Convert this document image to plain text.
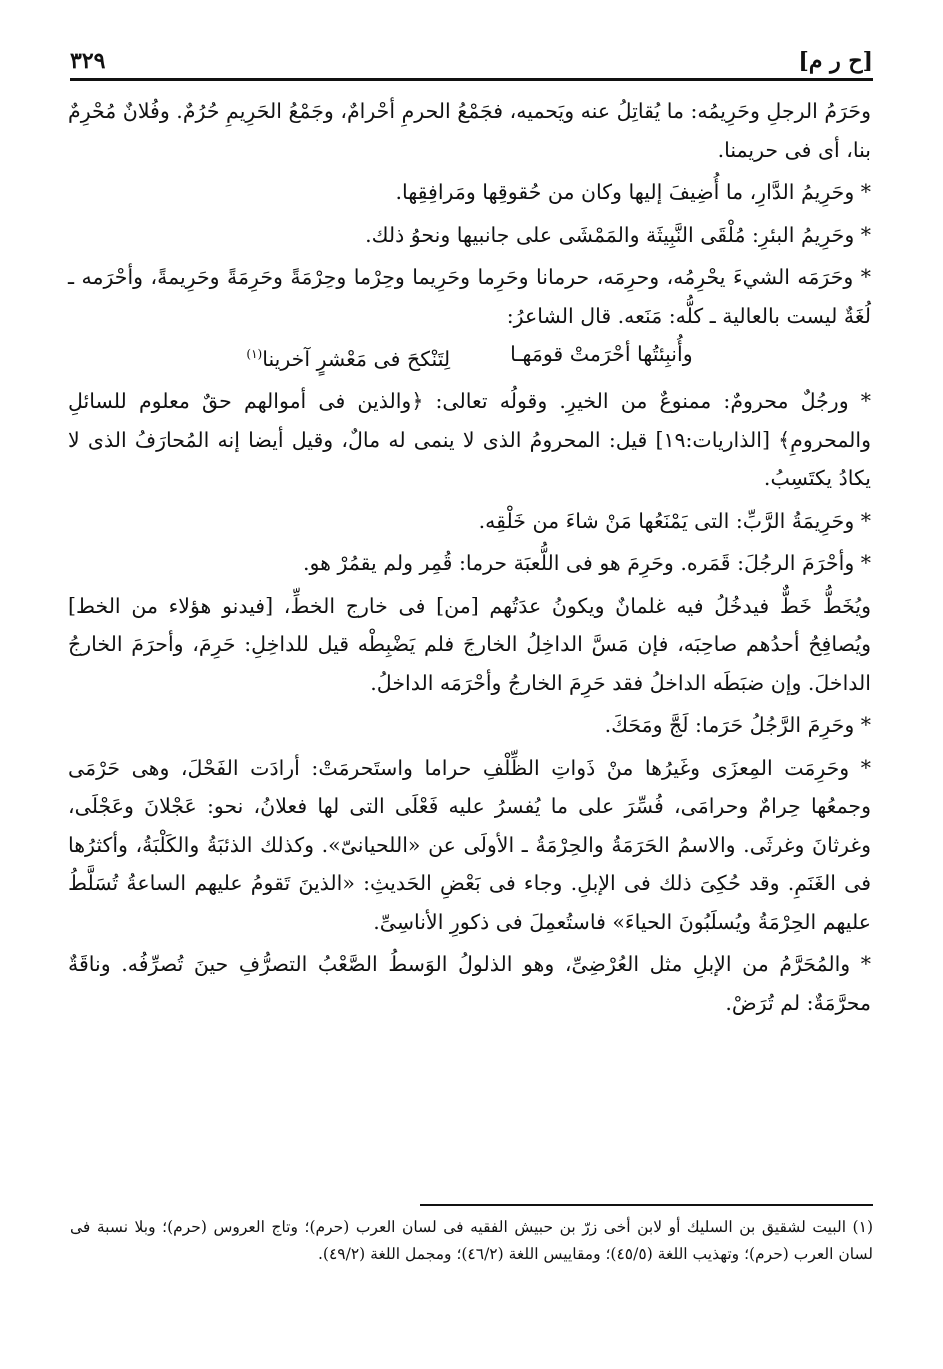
٣٢٩	[ح ر م]

وحَرَمُ الرجلِ وحَرِيمُه: ما يُقاتِلُ عنه ويَحميه، فجَمْعُ الحرمِ أحْرامٌ، وجَمْعُ الحَرِيمِ حُرُمٌ. وفُلانٌ مُحْرِمٌ بنا، أى فى حريمنا.

* وحَرِيمُ الدَّارِ، ما أُضِيفَ إليها وكان من حُقوقِها ومَرافِقِها.

* وحَرِيمُ البئرِ: مُلْقَى النَّبِيثَة والمَمْشَى على جانبيها ونحوُ ذلك.

* وحَرَمَه الشيءَ يحْرِمُه، وحرِمَه، حرمانا وحَرِما وحَرِيما وحِرْما وحِرْمَةً وحَرِمَةً وحَرِيمةً، وأحْرَمه ـ لُغَةٌ ليست بالعالية ـ كلُّه: مَنَعه. قال الشاعرُ:

وأُنبِئتُها أحْرَمتْ قومَهـا
لِتَنْكحَ فى مَعْشرٍ آخرينا$^{(١)}$

* ورجُلٌ محرومٌ: ممنوعٌ من الخيرِ. وقولُه تعالى: ﴿والذين فى أموالهم حقٌ معلوم للسائلِ والمحرومِ﴾ [الذاريات:١٩] قيل: المحرومُ الذى لا ينمى له مالٌ، وقيل أيضا إنه المُحارَفُ الذى لا يكادُ يكتَسِبُ.

* وحَرِيمَةُ الرَّبِّ: التى يَمْنَعُها مَنْ شاءَ من خَلْقِه.

* وأحْرَمَ الرجُلَ: قَمَره. وحَرِمَ هو فى اللُّعبَة حرما: قُمِر ولم يقمُرْ هو.

ويُخَطُّ خَطٌّ فيدخُلُ فيه غلمانٌ ويكونُ عدَتُهم [من] فى خارج الخطِّ، [فيدنو هؤلاء من الخط] ويُصافِحُ أحدُهم صاحِبَه، فإن مَسَّ الداخِلُ الخارجَ فلم يَضْبِطْه قيل للداخِلِ: حَرِمَ، وأحرَمَ الخارجُ الداخلَ. وإن ضبَطَه الداخلُ فقد حَرِمَ الخارجُ وأحْرَمَه الداخلُ.

* وحَرِمَ الرَّجُلُ حَرَما: لَجَّ ومَحَكَ.

* وحَرِمَت المِعزَى وغَيرُها منْ ذَواتِ الظِّلْفِ حراما واستَحرمَتْ: أرادَت الفَحْلَ، وهى حَرْمَى وجمعُها حِرامٌ وحرامَى، فُسِّرَ على ما يُفسرُ عليه فَعْلَى التى لها فعلانُ، نحو: عَجْلانَ وعَجْلَى، وغرثانَ وغرثَى. والاسمُ الحَرَمَةُ والحِرْمَةُ ـ الأولَى عن «اللحيانىّ». وكذلك الذئبَةُ والكَلْبَةُ، وأكثرُها فى الغَنَمِ. وقد حُكِىَ ذلك فى الإبلِ. وجاء فى بَعْضِ الحَديثِ: «الذينَ تَقومُ عليهم الساعةُ تُسَلَّطُ عليهم الحِرْمَةُ ويُسلَبُونَ الحياءَ» فاستُعمِلَ فى ذكورِ الأناسِىِّ.

* والمُحَرَّمُ من الإبلِ مثل العُرْضِىِّ، وهو الذلولُ الوَسطُ الصَّعْبُ التصرُّفِ حينَ تُصرِّفُه. وناقَةٌ محرَّمَةٌ: لم تُرَضْ.

(١) البيت لشقيق بن السليك أو لابن أخى زرّ بن حبيش الفقيه فى لسان العرب (حرم)؛ وتاج العروس (حرم)؛ وبلا نسبة فى لسان العرب (حرم)؛ وتهذيب اللغة (٤٥/٥)؛ ومقاييس اللغة (٤٦/٢)؛ ومجمل اللغة (٤٩/٢).
